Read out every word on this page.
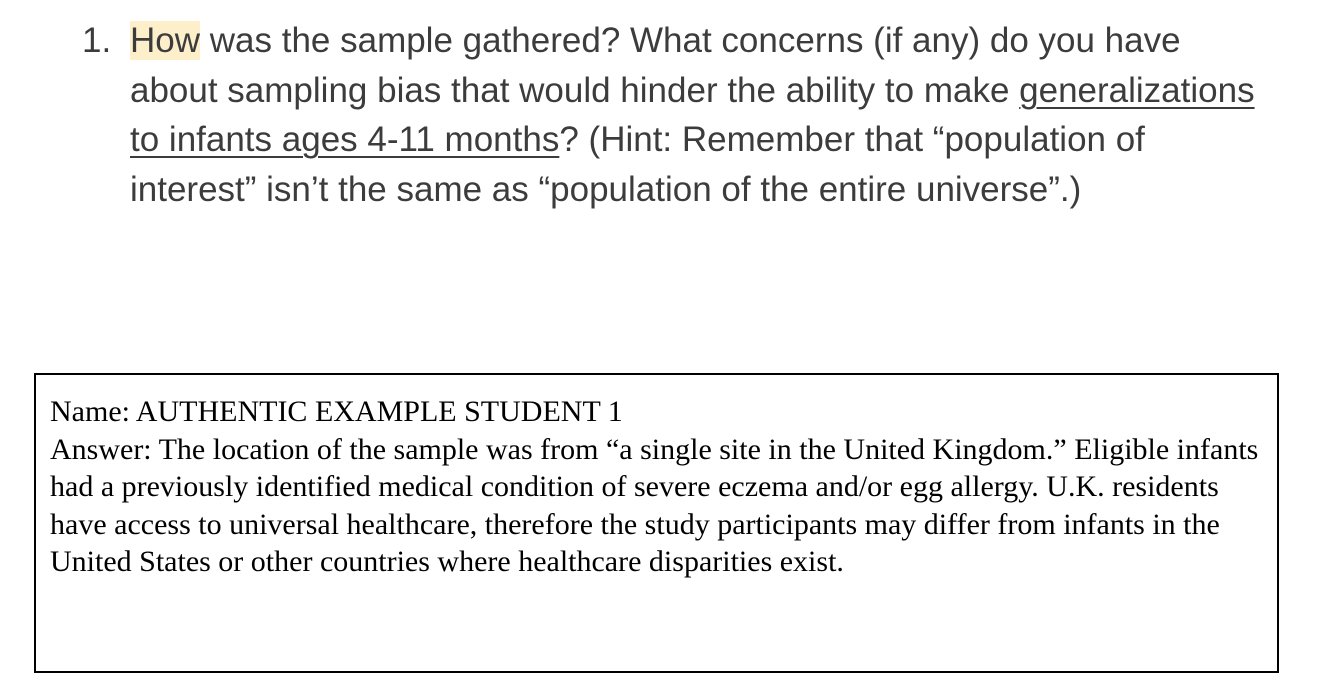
1. How was the sample gathered? What concerns (if any) do you have about sampling bias that would hinder the ability to make generalizations to infants ages 4-11 months? (Hint: Remember that “population of interest” isn’t the same as “population of the entire universe”.)

Name: AUTHENTIC EXAMPLE STUDENT 1

Answer: The location of the sample was from “a single site in the United Kingdom.” Eligible infants had a previously identified medical condition of severe eczema and/or egg allergy. U.K. residents have access to universal healthcare, therefore the study participants may differ from infants in the United States or other countries where healthcare disparities exist.
